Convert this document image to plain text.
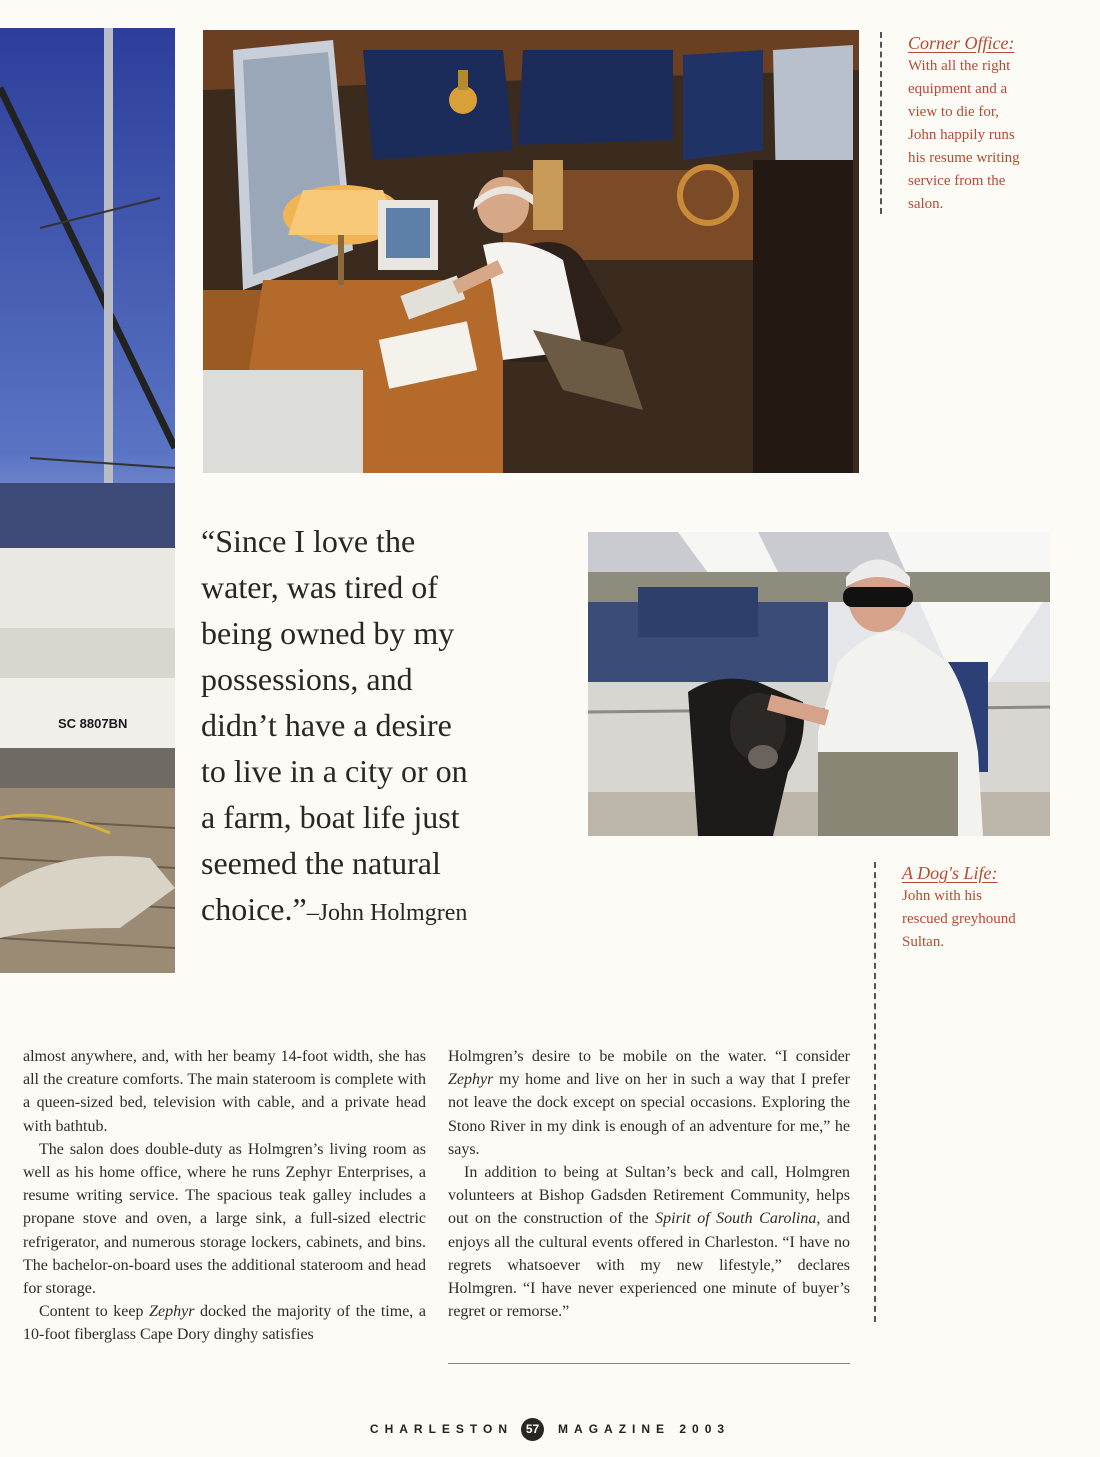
SC 8807BN
Corner Office:
With all the right
equipment and a
view to die for,
John happily runs
his resume writing
service from the
salon.
A Dog's Life:
John with his
rescued greyhound
Sultan.
“Since I love the
water, was tired of
being owned by my
possessions, and
didn’t have a desire
to live in a city or on
a farm, boat life just
seemed the natural
choice.”–John Holmgren

almost anywhere, and, with her beamy 14-foot width, she has all the creature comforts. The main stateroom is complete with a queen-sized bed, television with cable, and a private head with bathtub.

The salon does double-duty as Holmgren’s living room as well as his home office, where he runs Zephyr Enterprises, a resume writing service. The spacious teak galley includes a propane stove and oven, a large sink, a full-sized electric refrigerator, and numerous storage lockers, cabinets, and bins. The bachelor-on-board uses the additional stateroom and head for storage.

Content to keep Zephyr docked the majority of the time, a 10-foot fiberglass Cape Dory dinghy satisfies

Holmgren’s desire to be mobile on the water. “I consider Zephyr my home and live on her in such a way that I prefer not leave the dock except on special occasions. Exploring the Stono River in my dink is enough of an adventure for me,” he says.

In addition to being at Sultan’s beck and call, Holmgren volunteers at Bishop Gadsden Retirement Community, helps out on the construction of the Spirit of South Carolina, and enjoys all the cultural events offered in Charleston. “I have no regrets whatsoever with my new lifestyle,” declares Holmgren. “I have never experienced one minute of buyer’s regret or remorse.”

CHARLESTON	57	MAGAZINE 2003
